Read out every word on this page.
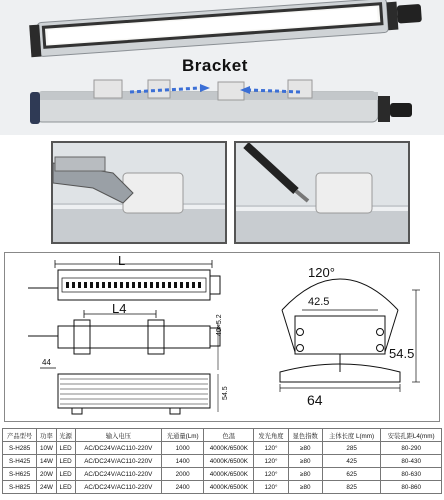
Bracket
L
L4
40×5.2
44
54.5
120°
42.5
54.5
64
产品型号	功率	光源	输入电压	光通量(Lm)	色温	发光角度	显色指数	主体长度 L(mm)	安装孔距L4(mm)
S-H285	10W	LED	AC/DC24V/AC110-220V	1000	4000K/6500K	120°	≥80	285	80-290
S-H425	14W	LED	AC/DC24V/AC110-220V	1400	4000K/6500K	120°	≥80	425	80-430
S-H625	20W	LED	AC/DC24V/AC110-220V	2000	4000K/6500K	120°	≥80	625	80-630
S-H825	24W	LED	AC/DC24V/AC110-220V	2400	4000K/6500K	120°	≥80	825	80-860
